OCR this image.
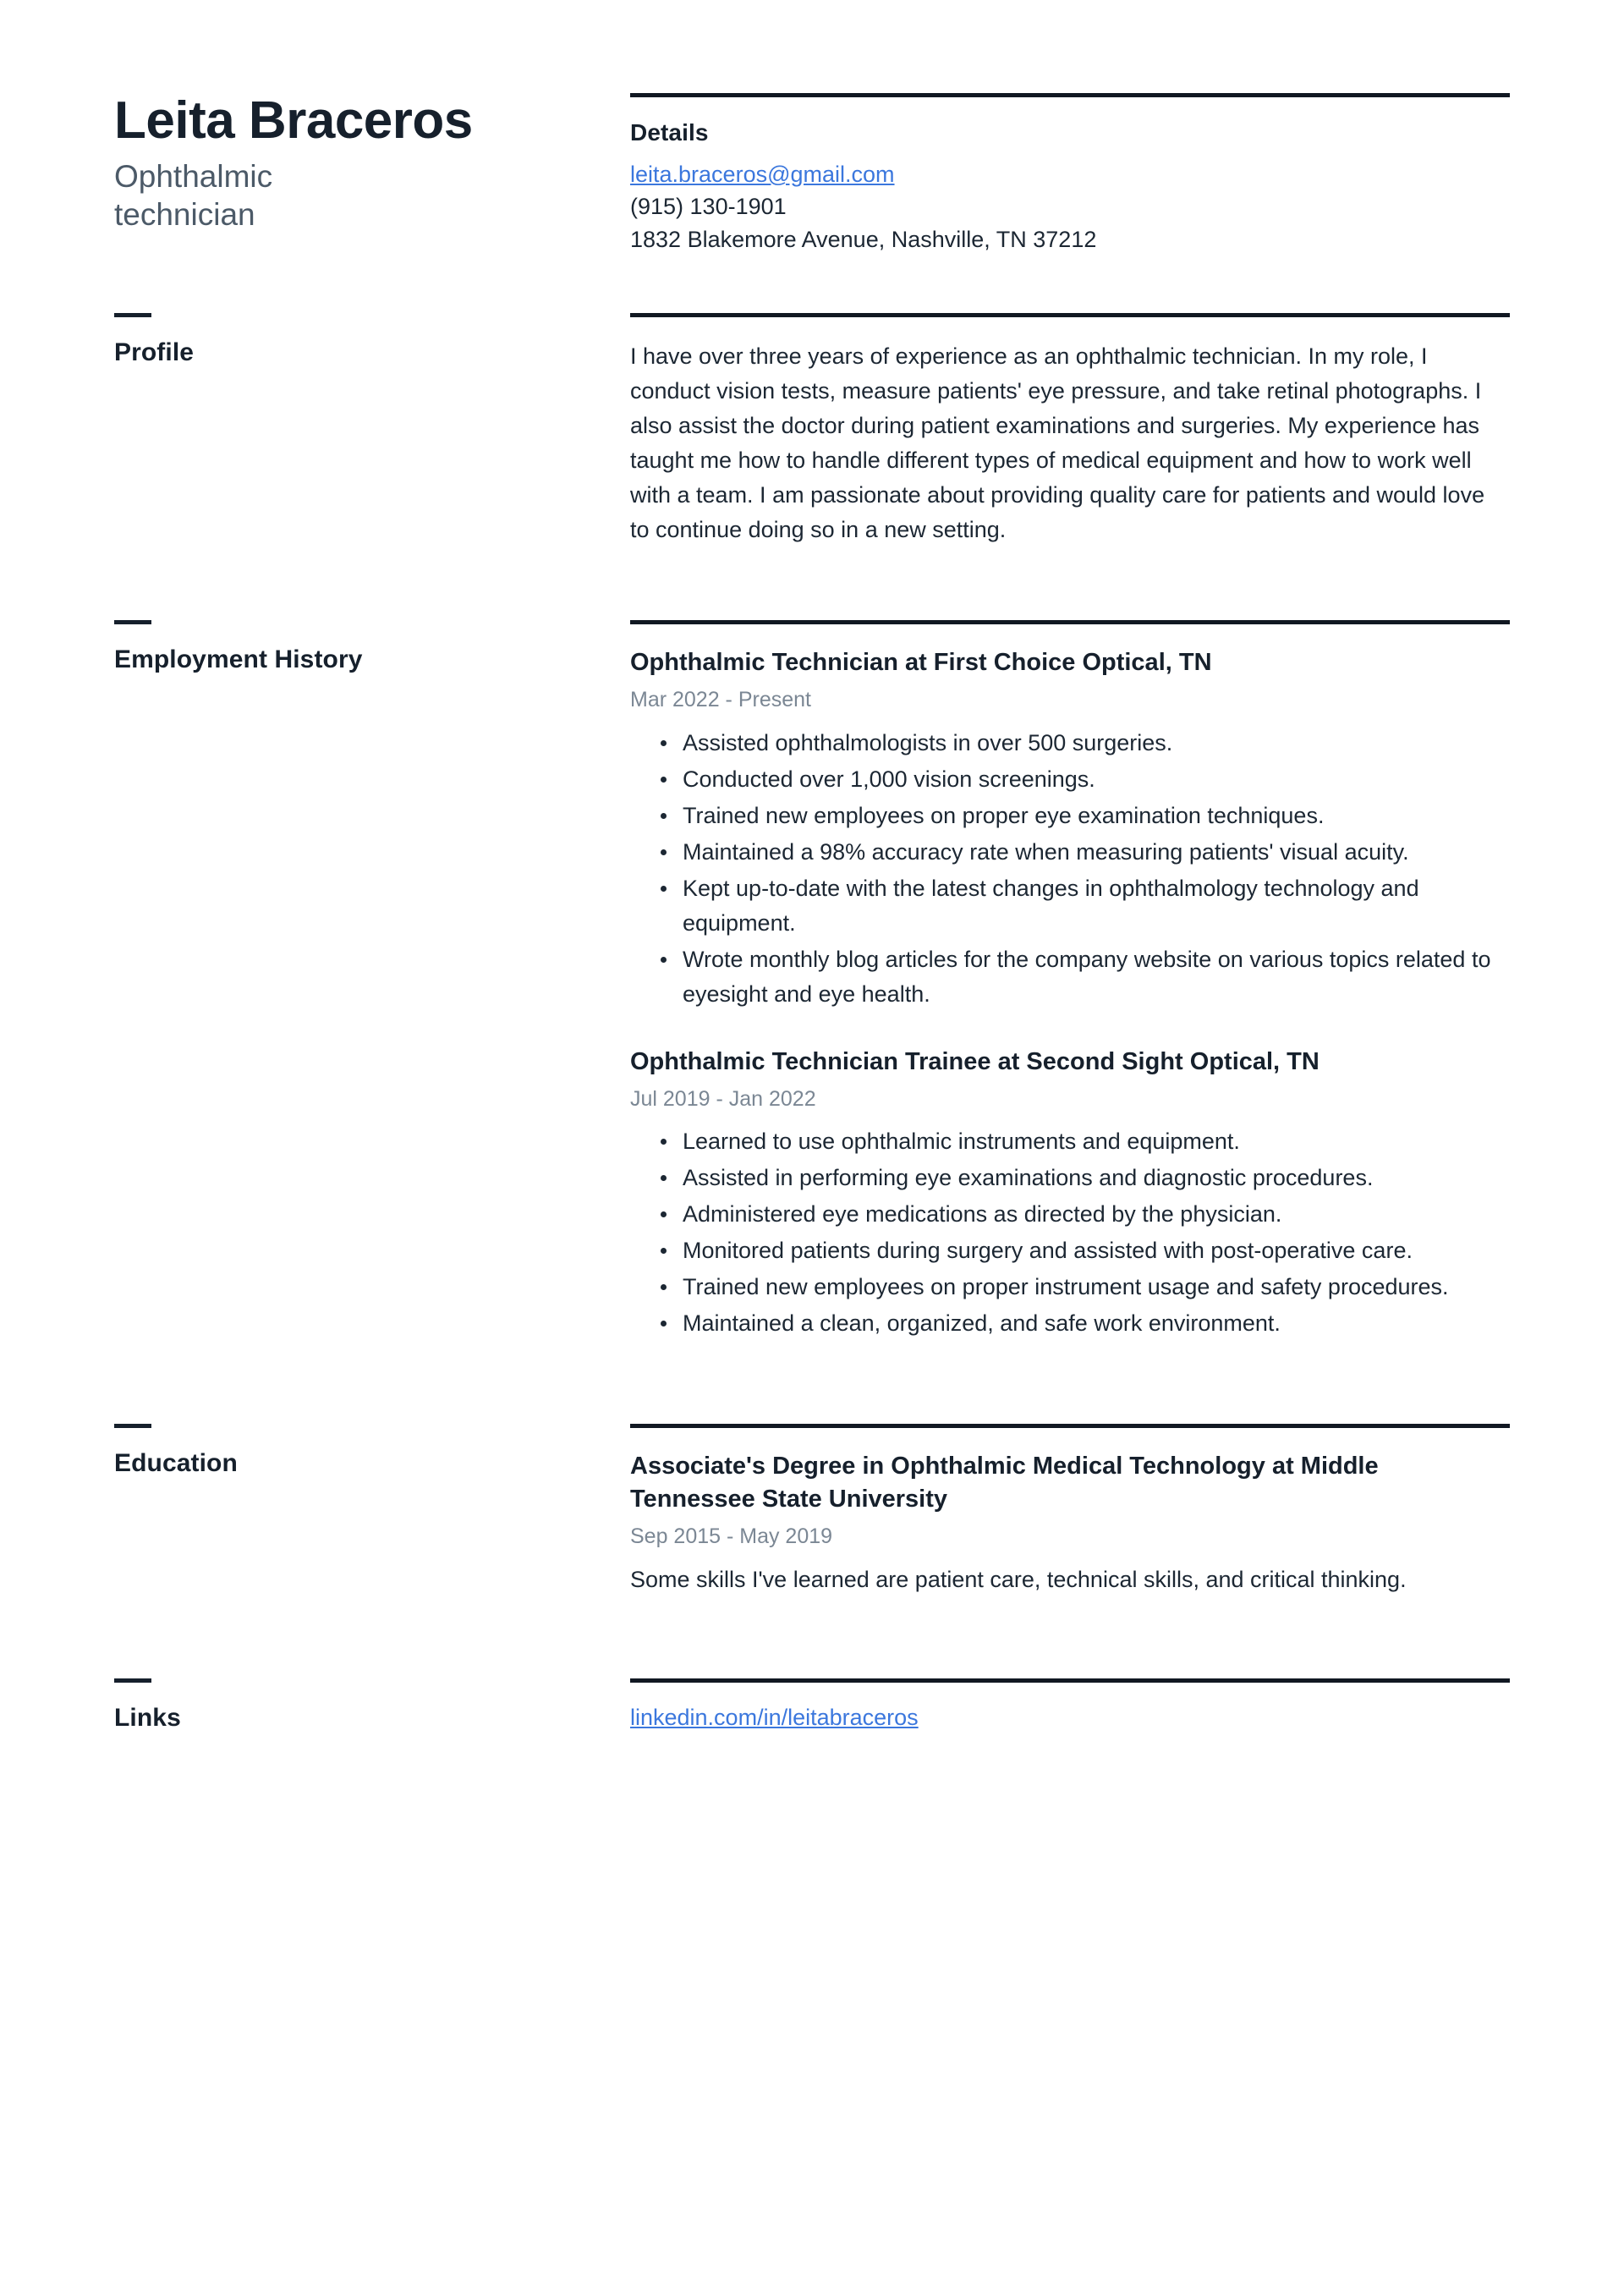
Leita Braceros
Ophthalmic technician
Details
leita.braceros@gmail.com

(915) 130-1901

1832 Blakemore Avenue, Nashville, TN 37212

Profile	I have over three years of experience as an ophthalmic technician. In my role, I conduct vision tests, measure patients' eye pressure, and take retinal photographs. I also assist the doctor during patient examinations and surgeries. My experience has taught me how to handle different types of medical equipment and how to work well with a team. I am passionate about providing quality care for patients and would love to continue doing so in a new setting.

Employment History	Ophthalmic Technician at First Choice Optical, TN
Mar 2022 - Present
Assisted ophthalmologists in over 500 surgeries.
Conducted over 1,000 vision screenings.
Trained new employees on proper eye examination techniques.
Maintained a 98% accuracy rate when measuring patients' visual acuity.
Kept up-to-date with the latest changes in ophthalmology technology and equipment.
Wrote monthly blog articles for the company website on various topics related to eyesight and eye health.
Ophthalmic Technician Trainee at Second Sight Optical, TN
Jul 2019 - Jan 2022
Learned to use ophthalmic instruments and equipment.
Assisted in performing eye examinations and diagnostic procedures.
Administered eye medications as directed by the physician.
Monitored patients during surgery and assisted with post-operative care.
Trained new employees on proper instrument usage and safety procedures.
Maintained a clean, organized, and safe work environment.
Education	Associate's Degree in Ophthalmic Medical Technology at Middle Tennessee State University
Sep 2015 - May 2019

Some skills I've learned are patient care, technical skills, and critical thinking.

Links	linkedin.com/in/leitabraceros
